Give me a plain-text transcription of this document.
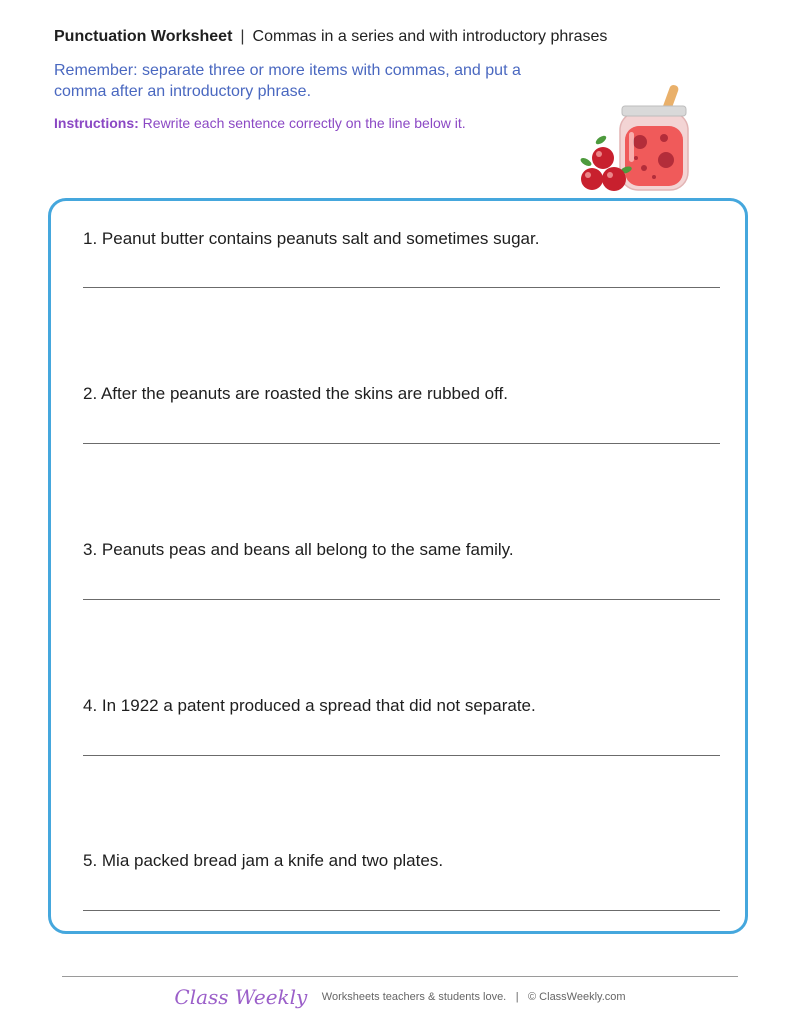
Punctuation Worksheet | Commas in a series and with introductory phrases
Remember: separate three or more items with commas, and put a comma after an introductory phrase.
Instructions: Rewrite each sentence correctly on the line below it.
1. Peanut butter contains peanuts salt and sometimes sugar.
2. After the peanuts are roasted the skins are rubbed off.
3. Peanuts peas and beans all belong to the same family.
4. In 1922 a patent produced a spread that did not separate.
5. Mia packed bread jam a knife and two plates.
Class Weekly Worksheets teachers & students love. | © ClassWeekly.com
